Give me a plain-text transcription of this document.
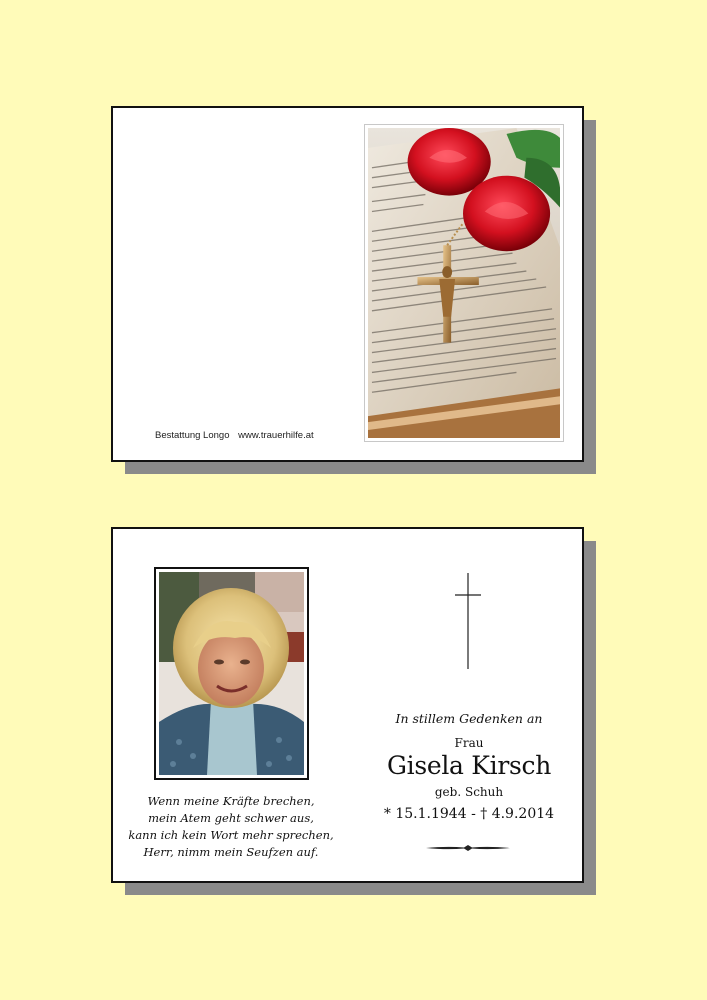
Bestattung Longo www.trauerhilfe.at
Wenn meine Kräfte brechen,
mein Atem geht schwer aus,
kann ich kein Wort mehr sprechen,
Herr, nimm mein Seufzen auf.
In stillem Gedenken an
Frau
Gisela Kirsch
geb. Schuh
* 15.1.1944 - † 4.9.2014
